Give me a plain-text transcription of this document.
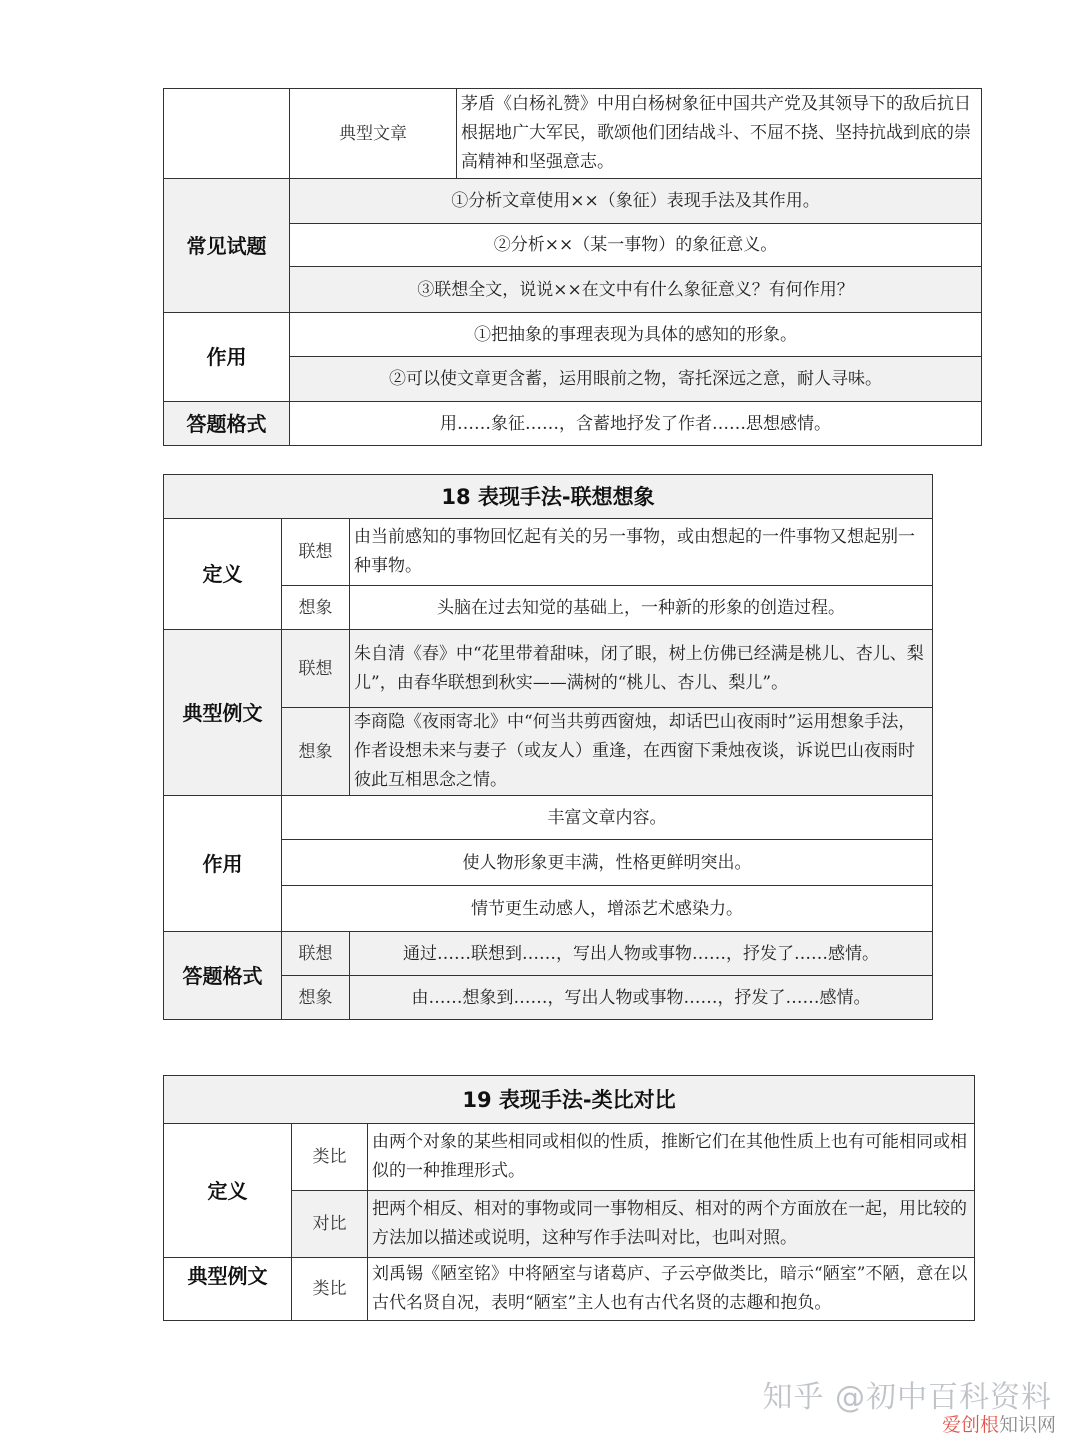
	典型文章	茅盾《白杨礼赞》中用白杨树象征中国共产党及其领导下的敌后抗日根据地广大军民，歌颂他们团结战斗、不屈不挠、坚持抗战到底的崇高精神和坚强意志。
常见试题	①分析文章使用××（象征）表现手法及其作用。	
	②分析××（某一事物）的象征意义。	
	③联想全文，说说××在文中有什么象征意义？有何作用？	
作用	①把抽象的事理表现为具体的感知的形象。	
	②可以使文章更含蓄，运用眼前之物，寄托深远之意，耐人寻味。	
答题格式	用……象征……，含蓄地抒发了作者……思想感情。	
18 表现手法-联想想象		
定义	联想	由当前感知的事物回忆起有关的另一事物，或由想起的一件事物又想起别一种事物。
	想象	头脑在过去知觉的基础上，一种新的形象的创造过程。
典型例文	联想	朱自清《春》中“花里带着甜味，闭了眼，树上仿佛已经满是桃儿、杏儿、梨儿”，由春华联想到秋实——满树的“桃儿、杏儿、梨儿”。
	想象	李商隐《夜雨寄北》中“何当共剪西窗烛，却话巴山夜雨时”运用想象手法，作者设想未来与妻子（或友人）重逢，在西窗下秉烛夜谈，诉说巴山夜雨时彼此互相思念之情。
作用	丰富文章内容。	
	使人物形象更丰满，性格更鲜明突出。	
	情节更生动感人，增添艺术感染力。	
答题格式	联想	通过……联想到……，写出人物或事物……，抒发了……感情。
	想象	由……想象到……，写出人物或事物……，抒发了……感情。
19 表现手法-类比对比		
定义	类比	由两个对象的某些相同或相似的性质，推断它们在其他性质上也有可能相同或相似的一种推理形式。
	对比	把两个相反、相对的事物或同一事物相反、相对的两个方面放在一起，用比较的方法加以描述或说明，这种写作手法叫对比，也叫对照。
典型例文	类比	刘禹锡《陋室铭》中将陋室与诸葛庐、子云亭做类比，暗示“陋室”不陋，意在以古代名贤自况，表明“陋室”主人也有古代名贤的志趣和抱负。
知乎 @初中百科资料
爱创根知识网
